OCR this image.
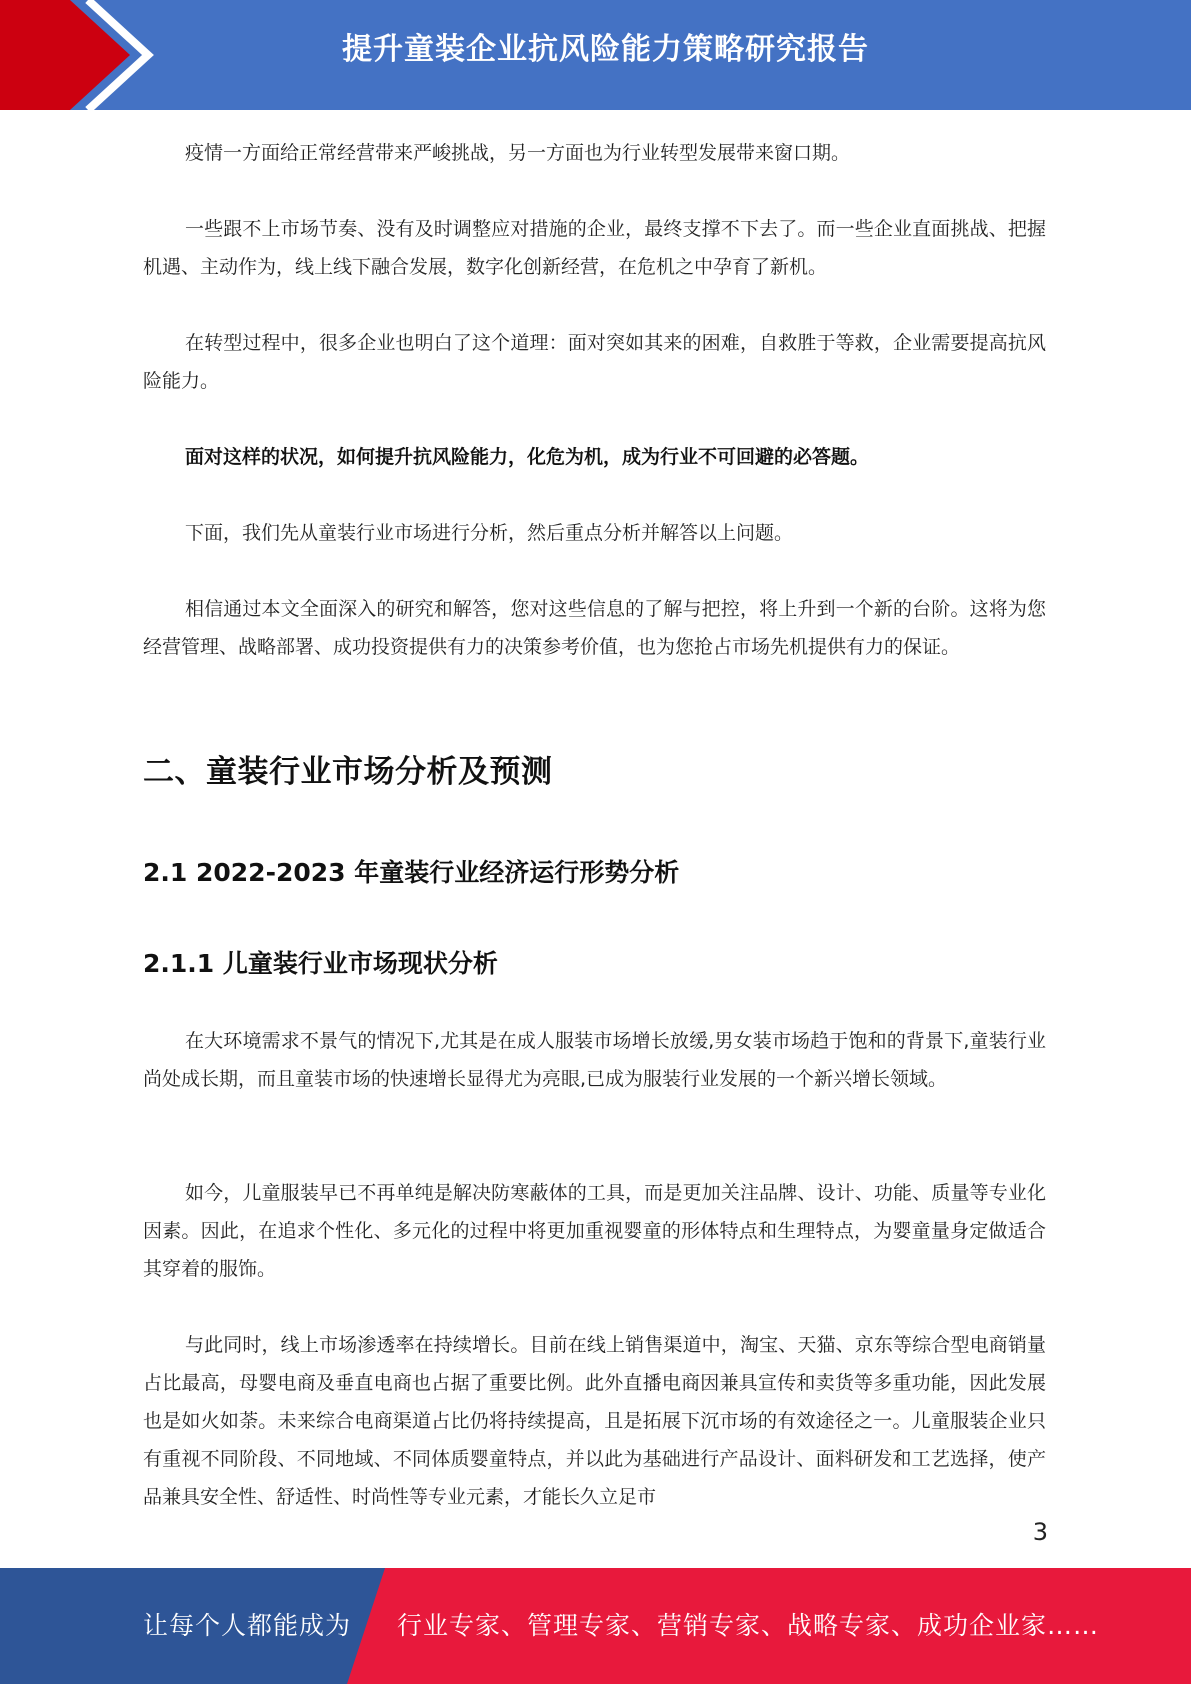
提升童装企业抗风险能力策略研究报告

疫情一方面给正常经营带来严峻挑战，另一方面也为行业转型发展带来窗口期。

一些跟不上市场节奏、没有及时调整应对措施的企业，最终支撑不下去了。而一些企业直面挑战、把握机遇、主动作为，线上线下融合发展，数字化创新经营，在危机之中孕育了新机。

在转型过程中，很多企业也明白了这个道理：面对突如其来的困难，自救胜于等救，企业需要提高抗风险能力。

面对这样的状况，如何提升抗风险能力，化危为机，成为行业不可回避的必答题。

下面，我们先从童装行业市场进行分析，然后重点分析并解答以上问题。

相信通过本文全面深入的研究和解答，您对这些信息的了解与把控，将上升到一个新的台阶。这将为您经营管理、战略部署、成功投资提供有力的决策参考价值，也为您抢占市场先机提供有力的保证。

二、童装行业市场分析及预测
2.1 2022-2023 年童装行业经济运行形势分析
2.1.1 儿童装行业市场现状分析

在大环境需求不景气的情况下,尤其是在成人服装市场增长放缓,男女装市场趋于饱和的背景下,童装行业尚处成长期，而且童装市场的快速增长显得尤为亮眼,已成为服装行业发展的一个新兴增长领域。

如今，儿童服装早已不再单纯是解决防寒蔽体的工具，而是更加关注品牌、设计、功能、质量等专业化因素。因此，在追求个性化、多元化的过程中将更加重视婴童的形体特点和生理特点，为婴童量身定做适合其穿着的服饰。

与此同时，线上市场渗透率在持续增长。目前在线上销售渠道中，淘宝、天猫、京东等综合型电商销量占比最高，母婴电商及垂直电商也占据了重要比例。此外直播电商因兼具宣传和卖货等多重功能，因此发展也是如火如荼。未来综合电商渠道占比仍将持续提高，且是拓展下沉市场的有效途径之一。儿童服装企业只有重视不同阶段、不同地域、不同体质婴童特点，并以此为基础进行产品设计、面料研发和工艺选择，使产品兼具安全性、舒适性、时尚性等专业元素，才能长久立足市

3
让每个人都能成为 行业专家、管理专家、营销专家、战略专家、成功企业家……
